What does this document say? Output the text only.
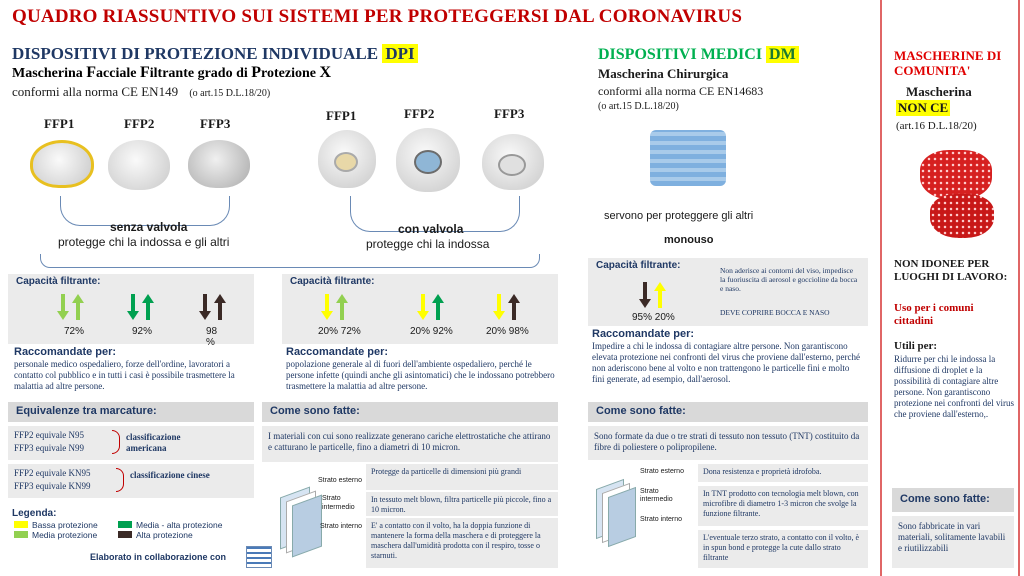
QUADRO RIASSUNTIVO SUI SISTEMI PER PROTEGGERSI DAL CORONAVIRUS
DISPOSITIVI DI PROTEZIONE INDIVIDUALE DPI
Mascherina Facciale Filtrante grado di Protezione X
conformi alla norma CE EN149 (o art.15 D.L.18/20)
FFP1	FFP2	FFP3
senza valvola
protegge chi la indossa e gli altri
Capacità filtrante:

72%	92%	98 %
Raccomandate per:
personale medico ospedaliero, forze dell'ordine, lavoratori a contatto col pubblico e in tutti i casi è possibile trasmettere la malattia ad altre persone.
Equivalenze tra marcature:
FFP2 equivale N95
FFP3 equivale N99
classificazione americana
FFP2 equivale KN95
FFP3 equivale KN99
classificazione cinese
Legenda:
Bassa protezione
Media protezione
Media - alta protezione
Alta protezione
Elaborato in collaborazione con
FFP1	FFP2	FFP3
con valvola
protegge chi la indossa
Capacità filtrante:

20% 72%	20% 92%	20% 98%
Raccomandate per:
popolazione generale al di fuori dell'ambiente ospedaliero, perché le persone infette (quindi anche gli asintomatici) che le indossano potrebbero trasmettere la malattia ad altre persone.
Come sono fatte:
I materiali con cui sono realizzate generano cariche elettrostatiche che attirano e catturano le particelle, fino a diametri di 10 micron.
Strato esterno
Strato intermedio
Strato interno
Protegge da particelle di dimensioni più grandi
In tessuto melt blown, filtra particelle più piccole, fino a 10 micron.
E' a contatto con il volto, ha la doppia funzione di mantenere la forma della maschera e di proteggere la maschera dall'umidità prodotta con il respiro, tosse o starnuti.
DISPOSITIVI MEDICI DM
Mascherina Chirurgica
conformi alla norma CE EN14683
(o art.15 D.L.18/20)
servono per proteggere gli altri
monouso
Capacità filtrante:

95% 20%
Non aderisce ai contorni del viso, impedisce la fuoriuscita di aerosol e goccioline da bocca e naso.
DEVE COPRIRE BOCCA E NASO
Raccomandate per:
Impedire a chi le indossa di contagiare altre persone. Non garantiscono elevata protezione nei confronti del virus che proviene dall'esterno, perché non aderiscono bene al volto e non trattengono le particelle fini e molto fini generate, ad esempio, dall'aerosol.
Come sono fatte:
Sono formate da due o tre strati di tessuto non tessuto (TNT) costituito da fibre di poliestere o polipropilene.
Strato esterno
Strato intermedio
Strato interno
Dona resistenza e proprietà idrofoba.
In TNT prodotto con tecnologia melt blown, con microfibre di diametro 1-3 micron che svolge la funzione filtrante.
L'eventuale terzo strato, a contatto con il volto, è in spun bond e protegge la cute dallo strato filtrante
MASCHERINE DI COMUNITA'
Mascherina
NON CE
(art.16 D.L.18/20)
NON IDONEE PER LUOGHI DI LAVORO:
Uso per i comuni cittadini
Utili per:
Ridurre per chi le indossa la diffusione di droplet e la possibilità di contagiare altre persone. Non garantiscono protezione nei confronti del virus che proviene dall'esterno,.
Come sono fatte:
Sono fabbricate in vari materiali, solitamente lavabili e riutilizzabili
